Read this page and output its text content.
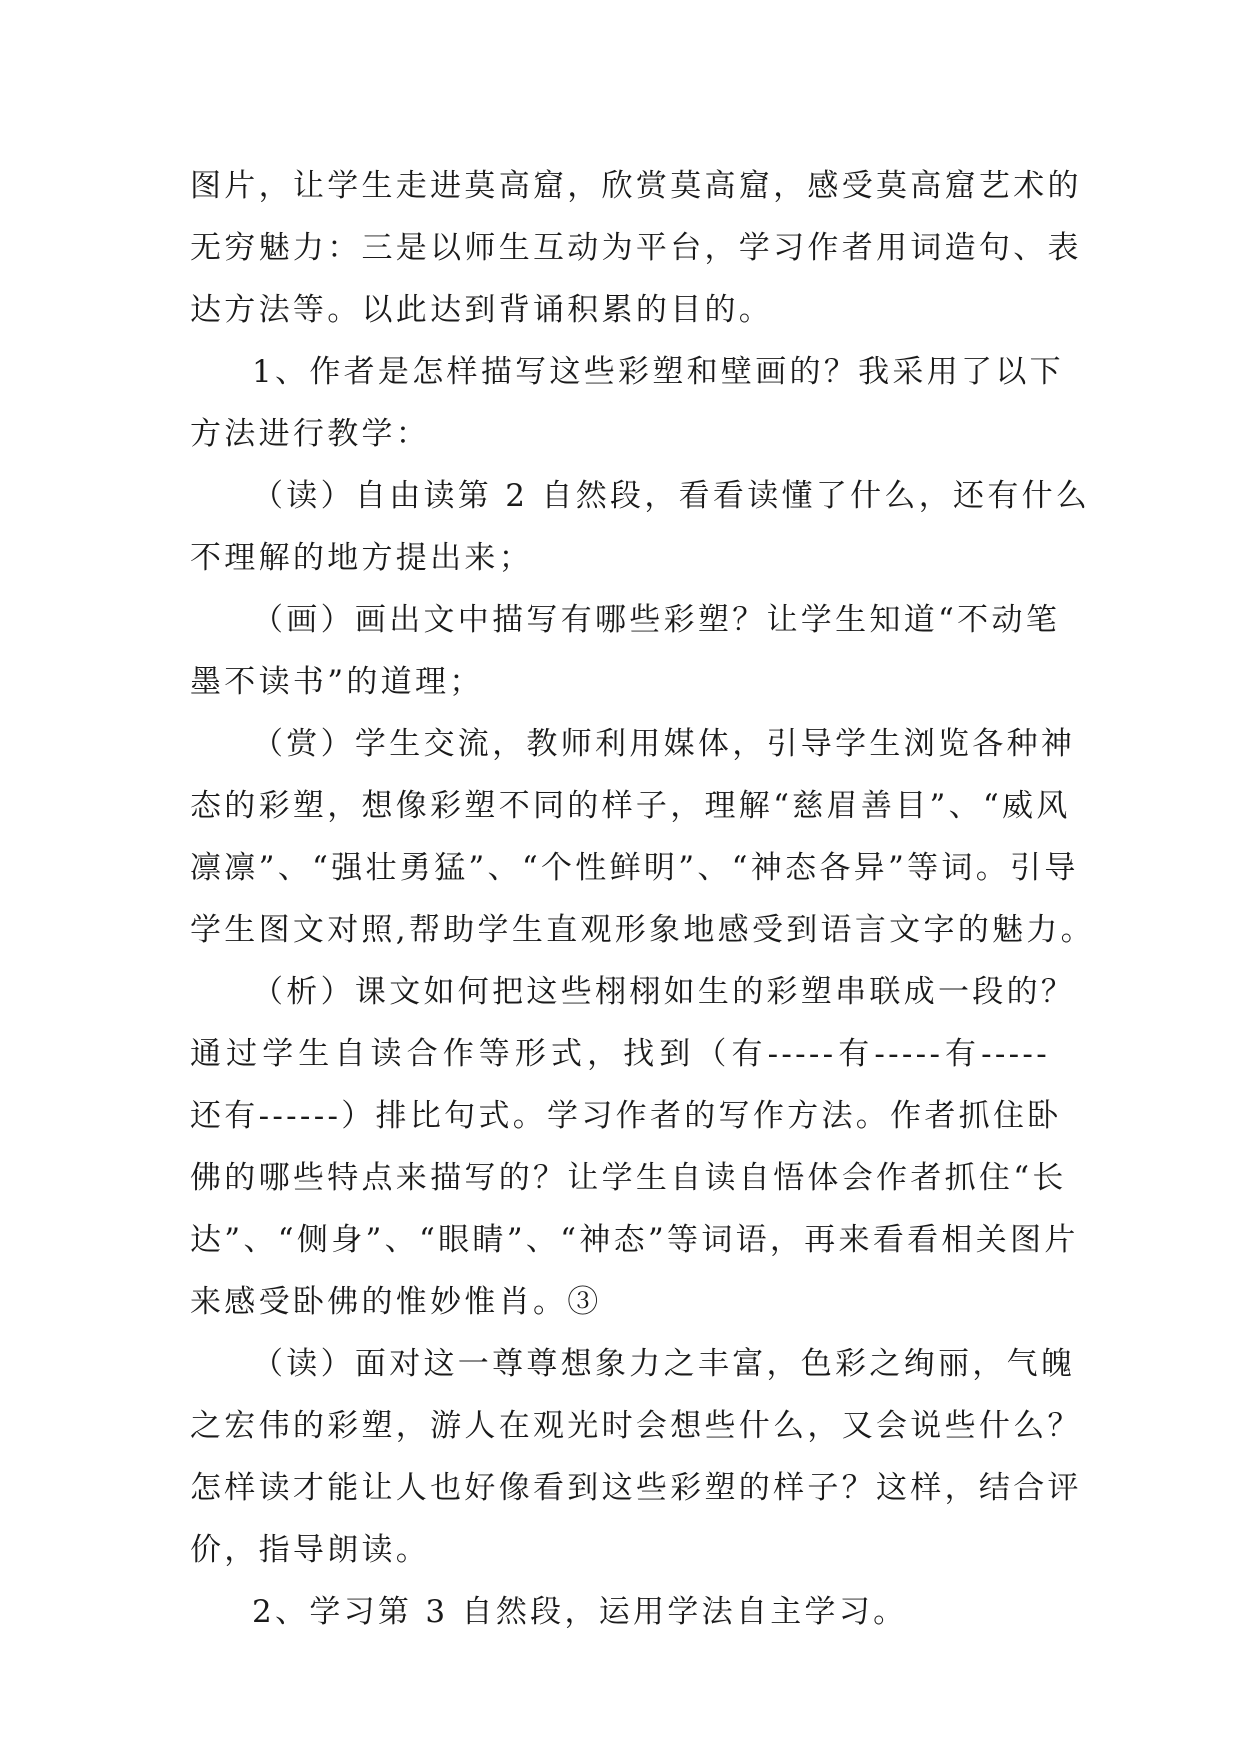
图片，让学生走进莫高窟，欣赏莫高窟，感受莫高窟艺术的
无穷魅力：三是以师生互动为平台，学习作者用词造句、表
达方法等。以此达到背诵积累的目的。
1、作者是怎样描写这些彩塑和壁画的？我采用了以下
方法进行教学：
（读）自由读第 2 自然段，看看读懂了什么，还有什么
不理解的地方提出来；
（画）画出文中描写有哪些彩塑？让学生知道“不动笔
墨不读书”的道理；
（赏）学生交流，教师利用媒体，引导学生浏览各种神
态的彩塑，想像彩塑不同的样子，理解“慈眉善目”、“威风
凛凛”、“强壮勇猛”、“个性鲜明”、“神态各异”等词。引导
学生图文对照,帮助学生直观形象地感受到语言文字的魅力。
（析）课文如何把这些栩栩如生的彩塑串联成一段的？
通过学生自读合作等形式，找到（有-----有-----有-----
还有------）排比句式。学习作者的写作方法。作者抓住卧
佛的哪些特点来描写的？让学生自读自悟体会作者抓住“长
达”、“侧身”、“眼睛”、“神态”等词语，再来看看相关图片
来感受卧佛的惟妙惟肖。③
（读）面对这一尊尊想象力之丰富，色彩之绚丽，气魄
之宏伟的彩塑，游人在观光时会想些什么，又会说些什么？
怎样读才能让人也好像看到这些彩塑的样子？这样，结合评
价，指导朗读。
2、学习第 3 自然段，运用学法自主学习。
